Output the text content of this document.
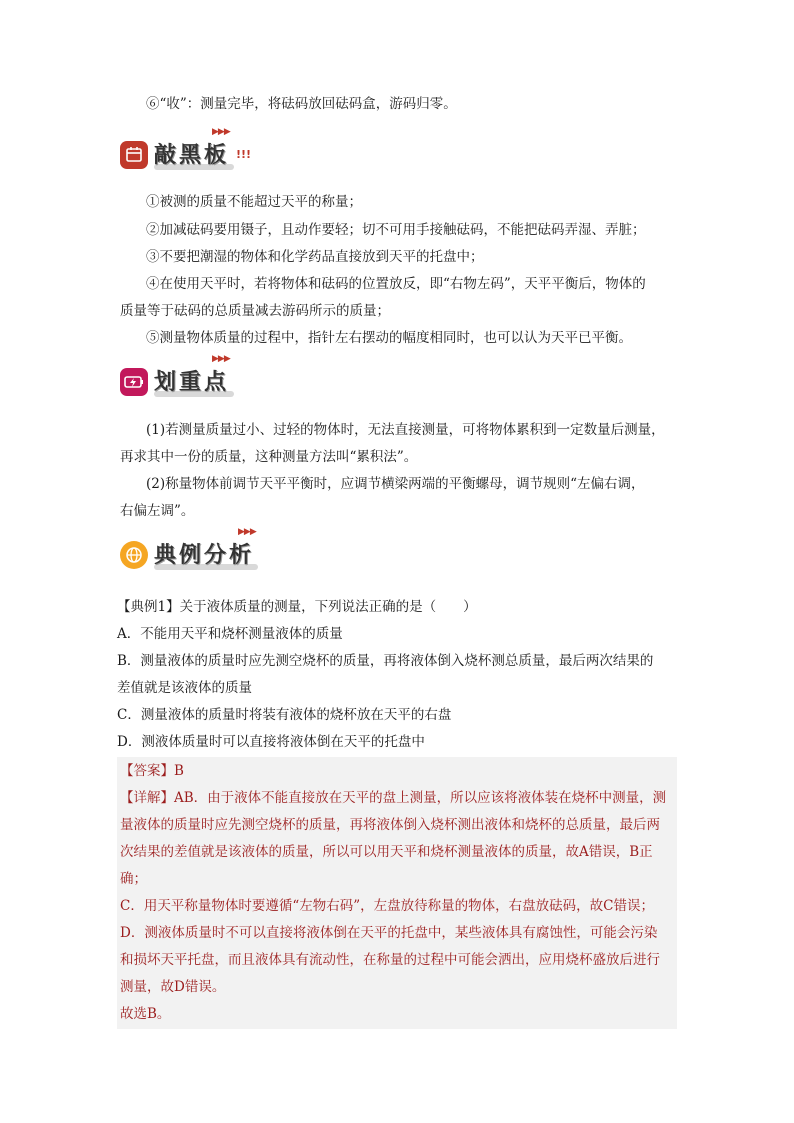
⑥“收”：测量完毕，将砝码放回砝码盒，游码归零。
敲黑板
▶▶▶
!!!
①被测的质量不能超过天平的称量；
②加减砝码要用镊子，且动作要轻；切不可用手接触砝码，不能把砝码弄湿、弄脏；
③不要把潮湿的物体和化学药品直接放到天平的托盘中；
④在使用天平时，若将物体和砝码的位置放反，即“右物左码”，天平平衡后，物体的
质量等于砝码的总质量减去游码所示的质量；
⑤测量物体质量的过程中，指针左右摆动的幅度相同时，也可以认为天平已平衡。
划重点
▶▶▶
(1)若测量质量过小、过轻的物体时，无法直接测量，可将物体累积到一定数量后测量，
再求其中一份的质量，这种测量方法叫“累积法”。
(2)称量物体前调节天平平衡时，应调节横梁两端的平衡螺母，调节规则“左偏右调，
右偏左调”。
典例分析
▶▶▶
【典例1】关于液体质量的测量，下列说法正确的是（　　）
A．不能用天平和烧杯测量液体的质量
B．测量液体的质量时应先测空烧杯的质量，再将液体倒入烧杯测总质量，最后两次结果的
差值就是该液体的质量
C．测量液体的质量时将装有液体的烧杯放在天平的右盘
D．测液体质量时可以直接将液体倒在天平的托盘中
【答案】B
【详解】AB．由于液体不能直接放在天平的盘上测量，所以应该将液体装在烧杯中测量，测
量液体的质量时应先测空烧杯的质量，再将液体倒入烧杯测出液体和烧杯的总质量，最后两
次结果的差值就是该液体的质量，所以可以用天平和烧杯测量液体的质量，故A错误，B正
确；
C．用天平称量物体时要遵循“左物右码”，左盘放待称量的物体，右盘放砝码，故C错误；
D．测液体质量时不可以直接将液体倒在天平的托盘中，某些液体具有腐蚀性，可能会污染
和损坏天平托盘，而且液体具有流动性，在称量的过程中可能会洒出，应用烧杯盛放后进行
测量，故D错误。
故选B。
